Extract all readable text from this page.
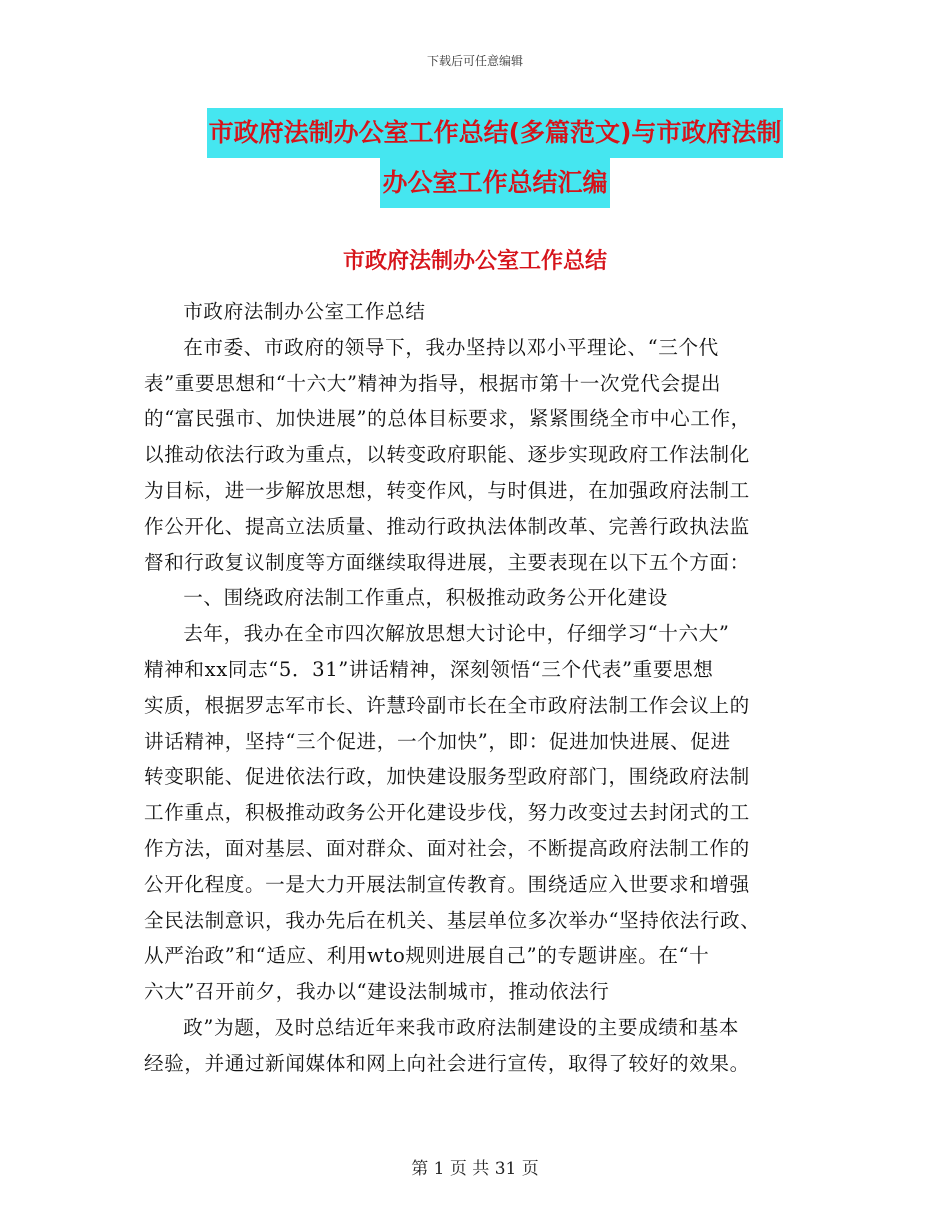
下载后可任意编辑
市政府法制办公室工作总结(多篇范文)与市政府法制
办公室工作总结汇编
市政府法制办公室工作总结

市政府法制办公室工作总结

在市委、市政府的领导下，我办坚持以邓小平理论、“三个代
表”重要思想和“十六大”精神为指导，根据市第十一次党代会提出
的“富民强市、加快进展”的总体目标要求，紧紧围绕全市中心工作，
以推动依法行政为重点，以转变政府职能、逐步实现政府工作法制化
为目标，进一步解放思想，转变作风，与时俱进，在加强政府法制工
作公开化、提高立法质量、推动行政执法体制改革、完善行政执法监
督和行政复议制度等方面继续取得进展，主要表现在以下五个方面：

一、围绕政府法制工作重点，积极推动政务公开化建设

去年，我办在全市四次解放思想大讨论中，仔细学习“十六大”
精神和xx同志“5．31”讲话精神，深刻领悟“三个代表”重要思想
实质，根据罗志军市长、许慧玲副市长在全市政府法制工作会议上的
讲话精神，坚持“三个促进，一个加快”，即：促进加快进展、促进
转变职能、促进依法行政，加快建设服务型政府部门，围绕政府法制
工作重点，积极推动政务公开化建设步伐，努力改变过去封闭式的工
作方法，面对基层、面对群众、面对社会，不断提高政府法制工作的
公开化程度。一是大力开展法制宣传教育。围绕适应入世要求和增强
全民法制意识，我办先后在机关、基层单位多次举办“坚持依法行政、
从严治政”和“适应、利用wto规则进展自己”的专题讲座。在“十
六大”召开前夕，我办以“建设法制城市，推动依法行
政”为题，及时总结近年来我市政府法制建设的主要成绩和基本
经验，并通过新闻媒体和网上向社会进行宣传，取得了较好的效果。
第 1 页 共 31 页
